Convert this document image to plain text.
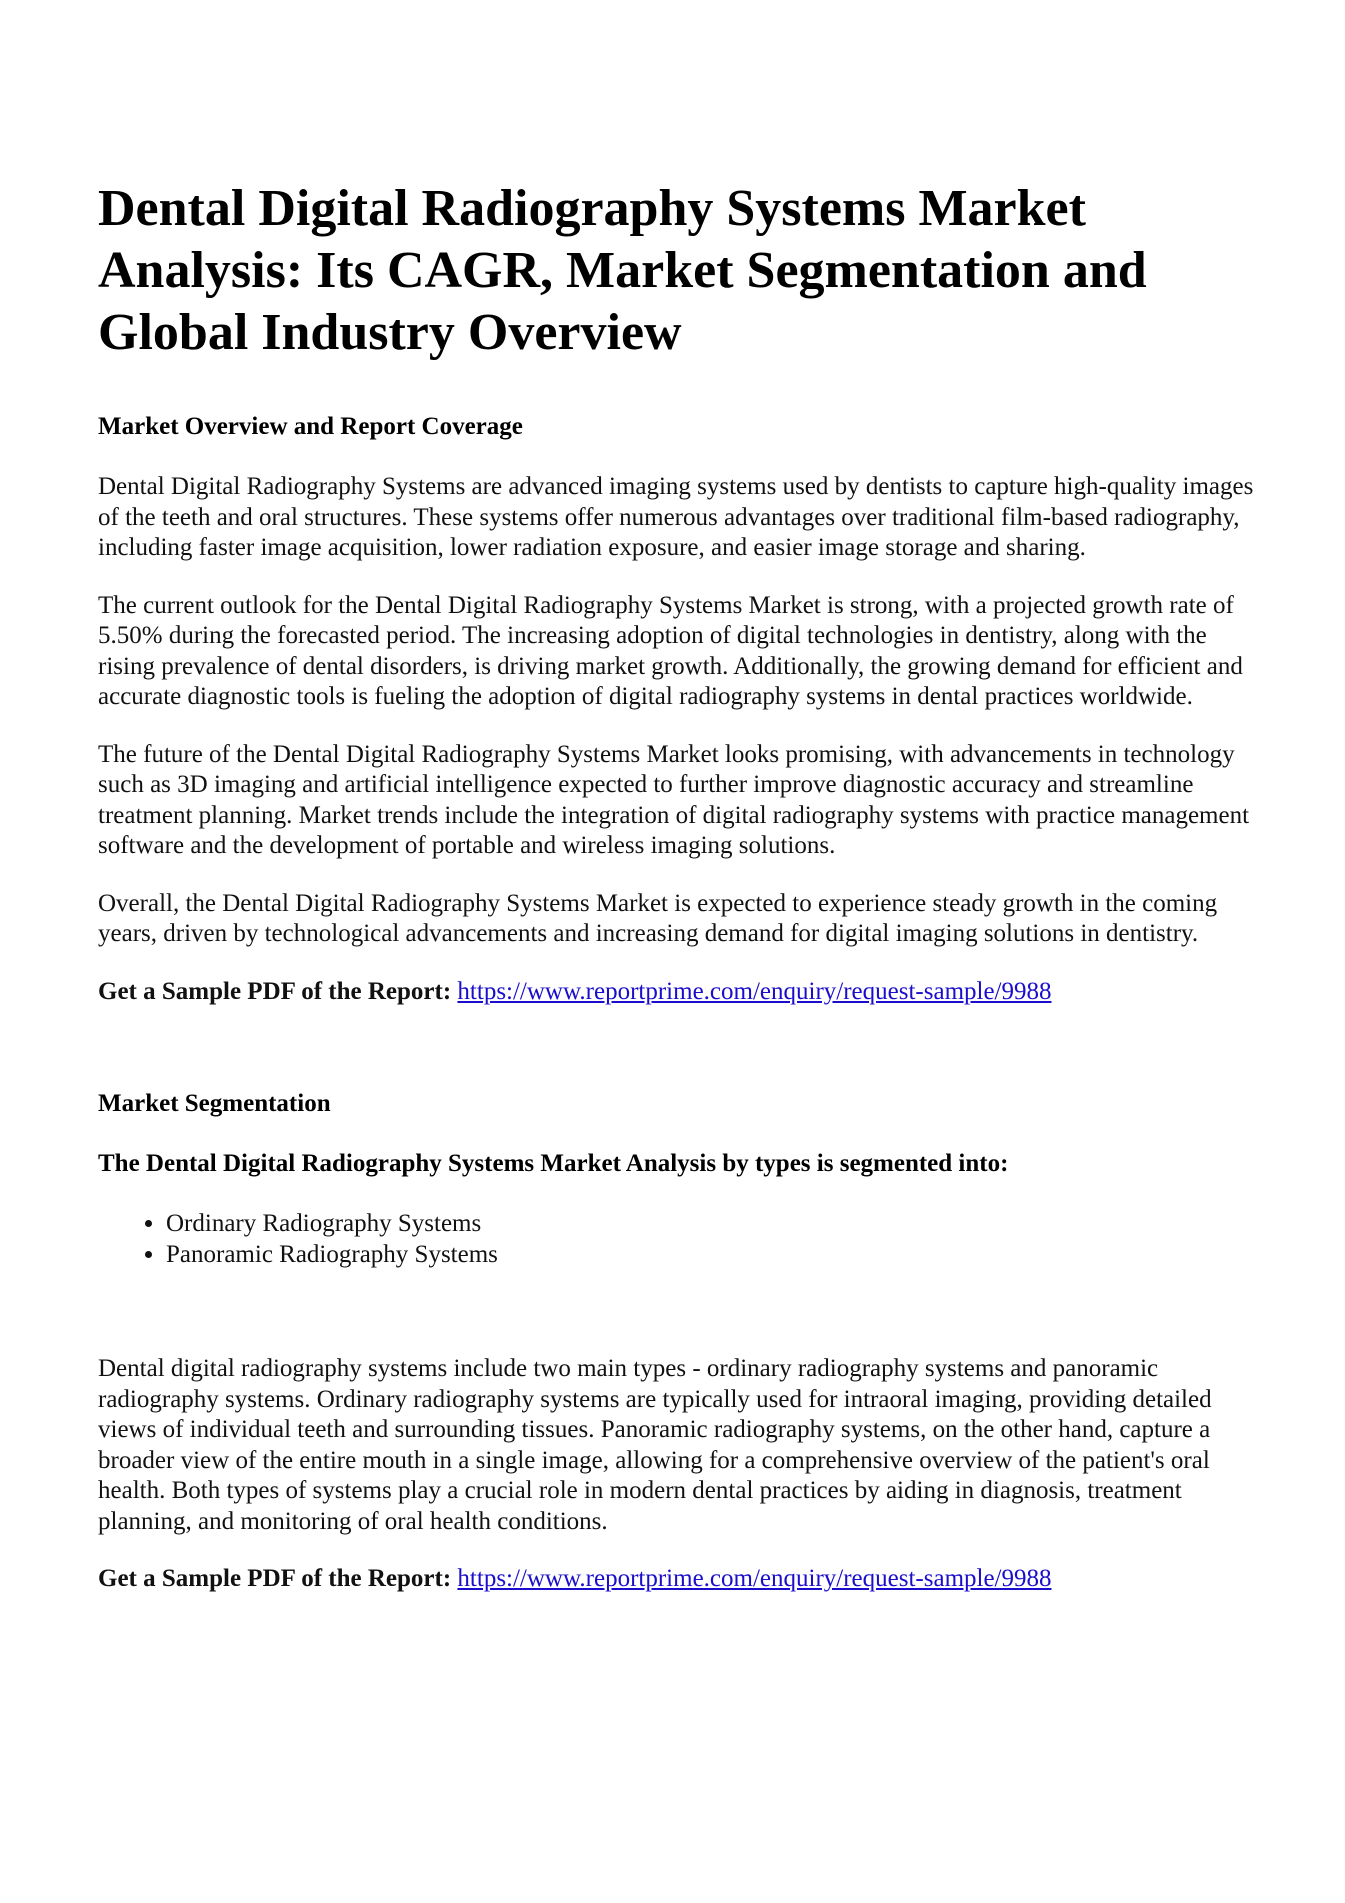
Dental Digital Radiography Systems Market Analysis: Its CAGR, Market Segmentation and Global Industry Overview
Market Overview and Report Coverage

Dental Digital Radiography Systems are advanced imaging systems used by dentists to capture high-quality images of the teeth and oral structures. These systems offer numerous advantages over traditional film-based radiography, including faster image acquisition, lower radiation exposure, and easier image storage and sharing.

The current outlook for the Dental Digital Radiography Systems Market is strong, with a projected growth rate of 5.50% during the forecasted period. The increasing adoption of digital technologies in dentistry, along with the rising prevalence of dental disorders, is driving market growth. Additionally, the growing demand for efficient and accurate diagnostic tools is fueling the adoption of digital radiography systems in dental practices worldwide.

The future of the Dental Digital Radiography Systems Market looks promising, with advancements in technology such as 3D imaging and artificial intelligence expected to further improve diagnostic accuracy and streamline treatment planning. Market trends include the integration of digital radiography systems with practice management software and the development of portable and wireless imaging solutions.

Overall, the Dental Digital Radiography Systems Market is expected to experience steady growth in the coming years, driven by technological advancements and increasing demand for digital imaging solutions in dentistry.

Get a Sample PDF of the Report: https://www.reportprime.com/enquiry/request-sample/9988

Market Segmentation
The Dental Digital Radiography Systems Market Analysis by types is segmented into:
• Ordinary Radiography Systems
• Panoramic Radiography Systems

Dental digital radiography systems include two main types - ordinary radiography systems and panoramic radiography systems. Ordinary radiography systems are typically used for intraoral imaging, providing detailed views of individual teeth and surrounding tissues. Panoramic radiography systems, on the other hand, capture a broader view of the entire mouth in a single image, allowing for a comprehensive overview of the patient's oral health. Both types of systems play a crucial role in modern dental practices by aiding in diagnosis, treatment planning, and monitoring of oral health conditions.

Get a Sample PDF of the Report: https://www.reportprime.com/enquiry/request-sample/9988
